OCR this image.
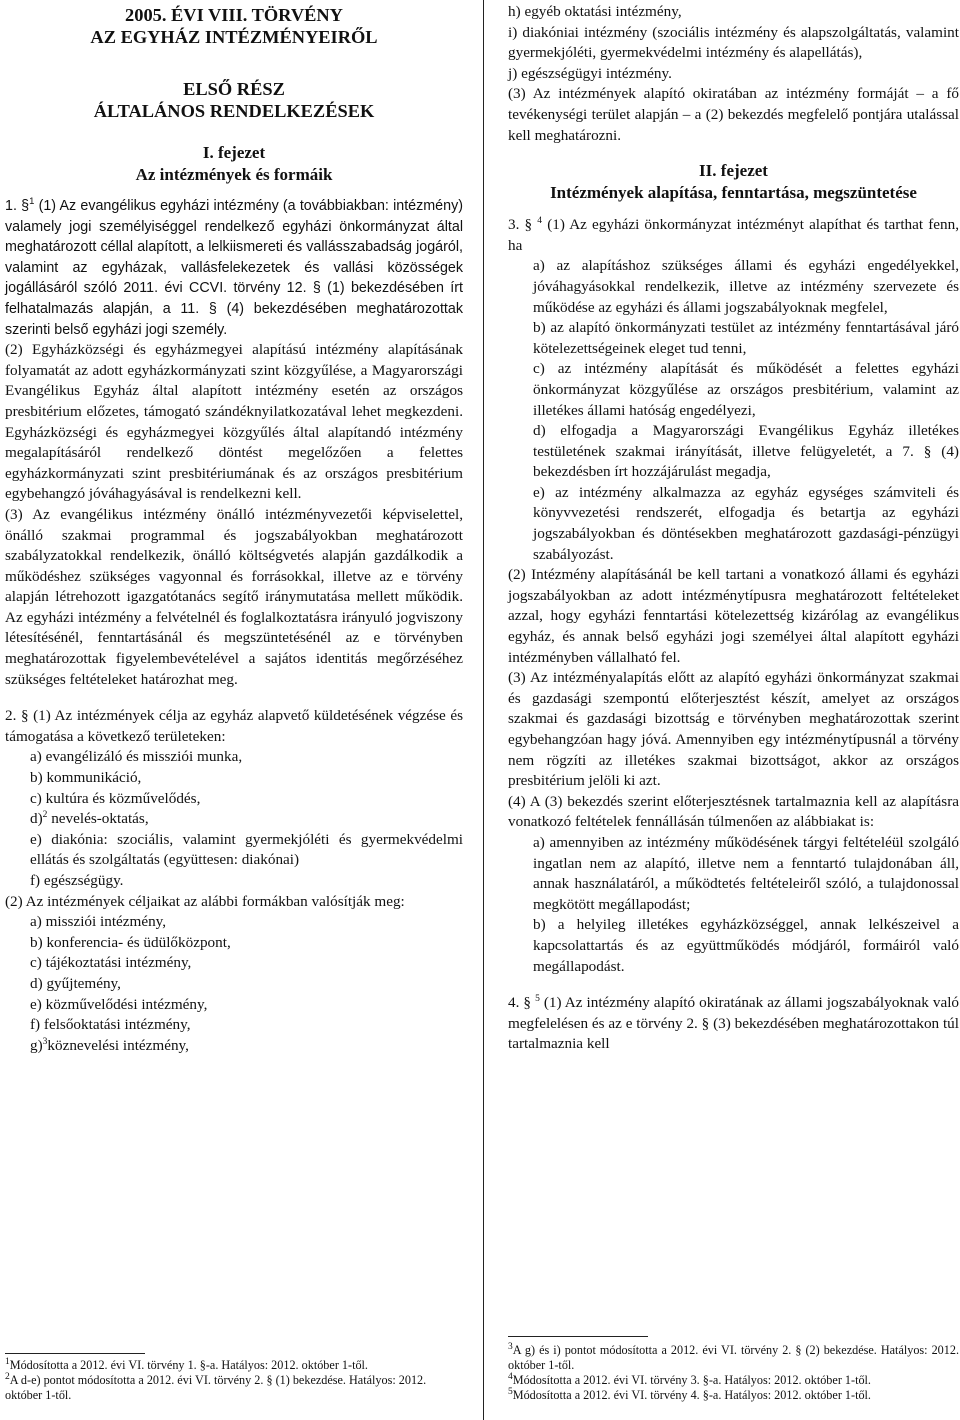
2005. ÉVI VIII. TÖRVÉNY
AZ EGYHÁZ INTÉZMÉNYEIRŐL
ELSŐ RÉSZ
ÁLTALÁNOS RENDELKEZÉSEK
I. fejezet
Az intézmények és formáik

1. §$^1$ (1) Az evangélikus egyházi intézmény (a továbbiakban: intézmény) valamely jogi személyiséggel rendelkező egyházi önkormányzat által meghatározott céllal alapított, a lelkiismereti és vallásszabadság jogáról, valamint az egyházak, vallásfelekezetek és vallási közösségek jogállásáról szóló 2011. évi CCVI. törvény 12. § (1) bekezdésében írt felhatalmazás alapján, a 11. § (4) bekezdésében meghatározottak szerinti belső egyházi jogi személy.

(2) Egyházközségi és egyházmegyei alapítású intézmény alapításának folyamatát az adott egyházkormányzati szint közgyűlése, a Magyarországi Evangélikus Egyház által alapított intézmény esetén az országos presbitérium előzetes, támogató szándéknyilatkozatával lehet megkezdeni. Egyházközségi és egyházmegyei közgyűlés által alapítandó intézmény megalapításáról rendelkező döntést megelőzően a felettes egyházkormányzati szint presbitériumának és az országos presbitérium egybehangzó jóváhagyásával is rendelkezni kell.

(3) Az evangélikus intézmény önálló intézményvezetői képviselettel, önálló szakmai programmal és jogszabályokban meghatározott szabályzatokkal rendelkezik, önálló költségvetés alapján gazdálkodik a működéshez szükséges vagyonnal és forrásokkal, illetve az e törvény alapján létrehozott igazgatótanács segítő iránymutatása mellett működik. Az egyházi intézmény a felvételnél és foglalkoztatásra irányuló jogviszony létesítésénél, fenntartásánál és megszüntetésénél az e törvényben meghatározottak figyelembevételével a sajátos identitás megőrzéséhez szükséges feltételeket határozhat meg.

2. § (1) Az intézmények célja az egyház alapvető küldetésének végzése és támogatása a következő területeken:

a) evangélizáló és missziói munka,

b) kommunikáció,

c) kultúra és közművelődés,

d)$^2$ nevelés-oktatás,

e) diakónia: szociális, valamint gyermekjóléti és gyermekvédelmi ellátás és szolgáltatás (együttesen: diakónai)

f) egészségügy.

(2) Az intézmények céljaikat az alábbi formákban valósítják meg:

a) missziói intézmény,

b) konferencia- és üdülőközpont,

c) tájékoztatási intézmény,

d) gyűjtemény,

e) közművelődési intézmény,

f) felsőoktatási intézmény,

g)$^3$köznevelési intézmény,

$^1$Módosította a 2012. évi VI. törvény 1. §-a. Hatályos: 2012. október 1-től.

$^2$A d-e) pontot módosította a 2012. évi VI. törvény 2. § (1) bekezdése. Hatályos: 2012. október 1-től.

h) egyéb oktatási intézmény,

i) diakóniai intézmény (szociális intézmény és alapszolgáltatás, valamint gyermekjóléti, gyermekvédelmi intézmény és alapellátás),

j) egészségügyi intézmény.

(3) Az intézmények alapító okiratában az intézmény formáját – a fő tevékenységi terület alapján – a (2) bekezdés megfelelő pontjára utalással kell meghatározni.

II. fejezet
Intézmények alapítása, fenntartása, megszüntetése

3. § $^4$ (1) Az egyházi önkormányzat intézményt alapíthat és tarthat fenn, ha

a) az alapításhoz szükséges állami és egyházi engedélyekkel, jóváhagyásokkal rendelkezik, illetve az intézmény szervezete és működése az egyházi és állami jogszabályoknak megfelel,

b) az alapító önkormányzati testület az intézmény fenntartásával járó kötelezettségeinek eleget tud tenni,

c) az intézmény alapítását és működését a felettes egyházi önkormányzat közgyűlése az országos presbitérium, valamint az illetékes állami hatóság engedélyezi,

d) elfogadja a Magyarországi Evangélikus Egyház illetékes testületének szakmai irányítását, illetve felügyeletét, a 7. § (4) bekezdésben írt hozzájárulást megadja,

e) az intézmény alkalmazza az egyház egységes számviteli és könyvvezetési rendszerét, elfogadja és betartja az egyházi jogszabályokban és döntésekben meghatározott gazdasági-pénzügyi szabályozást.

(2) Intézmény alapításánál be kell tartani a vonatkozó állami és egyházi jogszabályokban az adott intézménytípusra meghatározott feltételeket azzal, hogy egyházi fenntartási kötelezettség kizárólag az evangélikus egyház, és annak belső egyházi jogi személyei által alapított egyházi intézményben vállalható fel.

(3) Az intézményalapítás előtt az alapító egyházi önkormányzat szakmai és gazdasági szempontú előterjesztést készít, amelyet az országos szakmai és gazdasági bizottság e törvényben meghatározottak szerint egybehangzóan hagy jóvá. Amennyiben egy intézménytípusnál a törvény nem rögzíti az illetékes szakmai bizottságot, akkor az országos presbitérium jelöli ki azt.

(4) A (3) bekezdés szerint előterjesztésnek tartalmaznia kell az alapításra vonatkozó feltételek fennállásán túlmenően az alábbiakat is:

a) amennyiben az intézmény működésének tárgyi feltételéül szolgáló ingatlan nem az alapító, illetve nem a fenntartó tulajdonában áll, annak használatáról, a működtetés feltételeiről szóló, a tulajdonossal megkötött megállapodást;

b) a helyileg illetékes egyházközséggel, annak lelkészeivel a kapcsolattartás és az együttműködés módjáról, formáiról való megállapodást.

4. § $^5$ (1) Az intézmény alapító okiratának az állami jogszabályoknak való megfelelésen és az e törvény 2. § (3) bekezdésében meghatározottakon túl tartalmaznia kell

$^3$A g) és i) pontot módosította a 2012. évi VI. törvény 2. § (2) bekezdése. Hatályos: 2012. október 1-től.

$^4$Módosította a 2012. évi VI. törvény 3. §-a. Hatályos: 2012. október 1-től.

$^5$Módosította a 2012. évi VI. törvény 4. §-a. Hatályos: 2012. október 1-től.
